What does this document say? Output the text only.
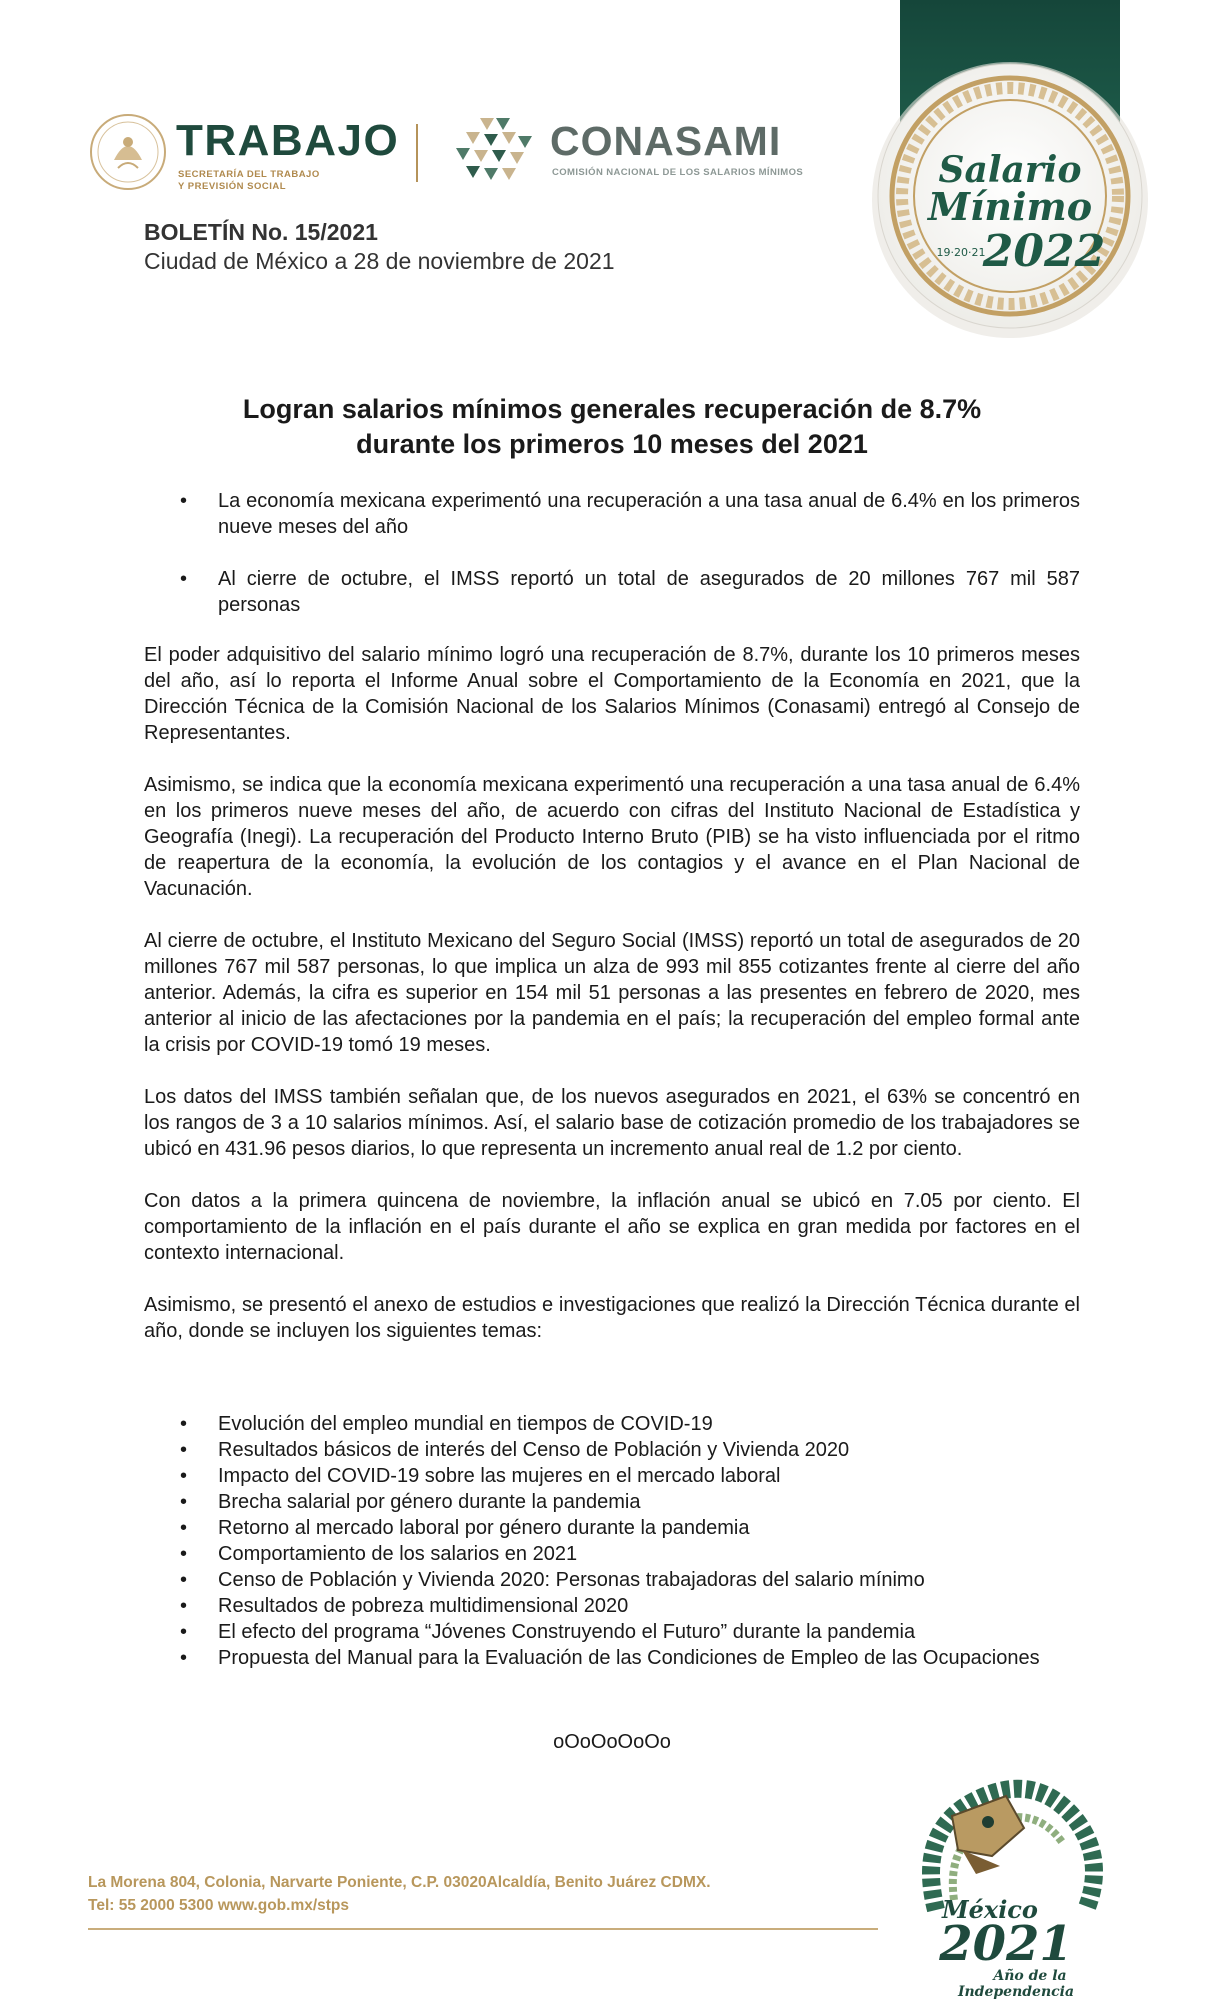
TRABAJO
SECRETARÍA DEL TRABAJO
Y PREVISIÓN SOCIAL
CONASAMI
COMISIÓN NACIONAL DE LOS SALARIOS MÍNIMOS	Salario
Mínimo
19·20·21
2022
BOLETÍN No. 15/2021
Ciudad de México a 28 de noviembre de 2021
Logran salarios mínimos generales recuperación de 8.7%
durante los primeros 10 meses del 2021
• La economía mexicana experimentó una recuperación a una tasa anual de 6.4% en los primeros nueve meses del año
• Al cierre de octubre, el IMSS reportó un total de asegurados de 20 millones 767 mil 587 personas

El poder adquisitivo del salario mínimo logró una recuperación de 8.7%, durante los 10 primeros meses del año, así lo reporta el Informe Anual sobre el Comportamiento de la Economía en 2021, que la Dirección Técnica de la Comisión Nacional de los Salarios Mínimos (Conasami) entregó al Consejo de Representantes.

Asimismo, se indica que la economía mexicana experimentó una recuperación a una tasa anual de 6.4% en los primeros nueve meses del año, de acuerdo con cifras del Instituto Nacional de Estadística y Geografía (Inegi). La recuperación del Producto Interno Bruto (PIB) se ha visto influenciada por el ritmo de reapertura de la economía, la evolución de los contagios y el avance en el Plan Nacional de Vacunación.

Al cierre de octubre, el Instituto Mexicano del Seguro Social (IMSS) reportó un total de asegurados de 20 millones 767 mil 587 personas, lo que implica un alza de 993 mil 855 cotizantes frente al cierre del año anterior. Además, la cifra es superior en 154 mil 51 personas a las presentes en febrero de 2020, mes anterior al inicio de las afectaciones por la pandemia en el país; la recuperación del empleo formal ante la crisis por COVID-19 tomó 19 meses.

Los datos del IMSS también señalan que, de los nuevos asegurados en 2021, el 63% se concentró en los rangos de 3 a 10 salarios mínimos. Así, el salario base de cotización promedio de los trabajadores se ubicó en 431.96 pesos diarios, lo que representa un incremento anual real de 1.2 por ciento.

Con datos a la primera quincena de noviembre, la inflación anual se ubicó en 7.05 por ciento. El comportamiento de la inflación en el país durante el año se explica en gran medida por factores en el contexto internacional.

Asimismo, se presentó el anexo de estudios e investigaciones que realizó la Dirección Técnica durante el año, donde se incluyen los siguientes temas:

• Evolución del empleo mundial en tiempos de COVID-19
• Resultados básicos de interés del Censo de Población y Vivienda 2020
• Impacto del COVID-19 sobre las mujeres en el mercado laboral
• Brecha salarial por género durante la pandemia
• Retorno al mercado laboral por género durante la pandemia
• Comportamiento de los salarios en 2021
• Censo de Población y Vivienda 2020: Personas trabajadoras del salario mínimo
• Resultados de pobreza multidimensional 2020
• El efecto del programa “Jóvenes Construyendo el Futuro” durante la pandemia
• Propuesta del Manual para la Evaluación de las Condiciones de Empleo de las Ocupaciones
oOoOoOoOo
La Morena 804, Colonia, Narvarte Poniente, C.P. 03020Alcaldía, Benito Juárez CDMX.
Tel: 55 2000 5300 www.gob.mx/stps	México
2021
Año de la
Independencia
